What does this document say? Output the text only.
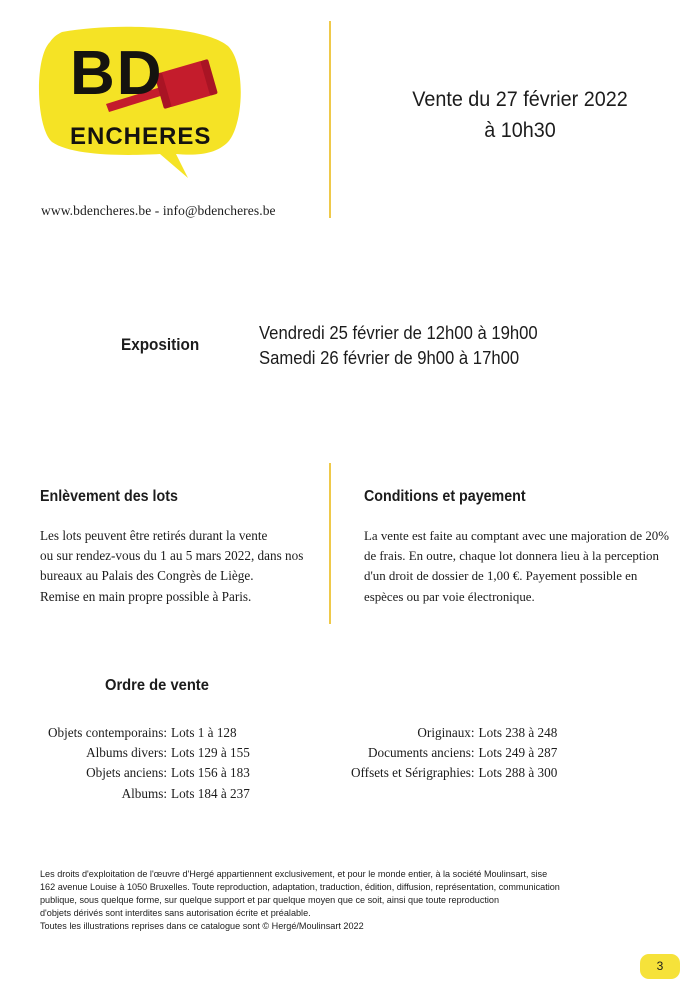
BD
ENCHERES
www.bdencheres.be - info@bdencheres.be
Vente du 27 février 2022
à 10h30
Exposition
Vendredi 25 février de 12h00 à 19h00
Samedi 26 février de 9h00 à 17h00
Enlèvement des lots
Les lots peuvent être retirés durant la vente
ou sur rendez-vous du 1 au 5 mars 2022, dans nos
bureaux au Palais des Congrès de Liège.
Remise en main propre possible à Paris.
Conditions et payement
La vente est faite au comptant avec une majoration de 20%
de frais. En outre, chaque lot donnera lieu à la perception
d'un droit de dossier de 1,00 €. Payement possible en
espèces ou par voie électronique.
Ordre de vente
Objets contemporains:	Lots 1 à 128
Albums divers:	Lots 129 à 155
Objets anciens:	Lots 156 à 183
Albums:	Lots 184 à 237
Originaux:	Lots 238 à 248
Documents anciens:	Lots 249 à 287
Offsets et Sérigraphies:	Lots 288 à 300
Les droits d'exploitation de l'œuvre d'Hergé appartiennent exclusivement, et pour le monde entier, à la société Moulinsart, sise
162 avenue Louise à 1050 Bruxelles. Toute reproduction, adaptation, traduction, édition, diffusion, représentation, communication
publique, sous quelque forme, sur quelque support et par quelque moyen que ce soit, ainsi que toute reproduction
d'objets dérivés sont interdites sans autorisation écrite et préalable.
Toutes les illustrations reprises dans ce catalogue sont © Hergé/Moulinsart 2022
3
